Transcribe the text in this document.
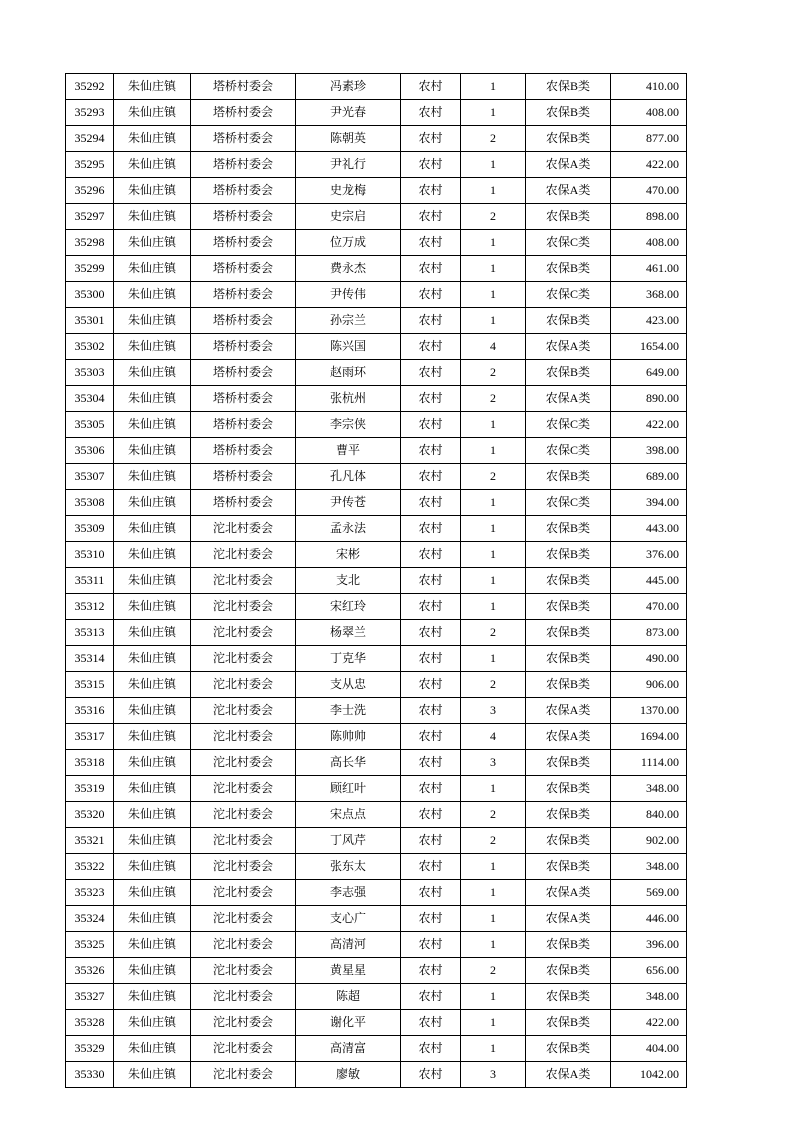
35292	朱仙庄镇	塔桥村委会	冯素珍	农村	1	农保B类	410.00
35293	朱仙庄镇	塔桥村委会	尹光春	农村	1	农保B类	408.00
35294	朱仙庄镇	塔桥村委会	陈朝英	农村	2	农保B类	877.00
35295	朱仙庄镇	塔桥村委会	尹礼行	农村	1	农保A类	422.00
35296	朱仙庄镇	塔桥村委会	史龙梅	农村	1	农保A类	470.00
35297	朱仙庄镇	塔桥村委会	史宗启	农村	2	农保B类	898.00
35298	朱仙庄镇	塔桥村委会	位万成	农村	1	农保C类	408.00
35299	朱仙庄镇	塔桥村委会	费永杰	农村	1	农保B类	461.00
35300	朱仙庄镇	塔桥村委会	尹传伟	农村	1	农保C类	368.00
35301	朱仙庄镇	塔桥村委会	孙宗兰	农村	1	农保B类	423.00
35302	朱仙庄镇	塔桥村委会	陈兴国	农村	4	农保A类	1654.00
35303	朱仙庄镇	塔桥村委会	赵雨环	农村	2	农保B类	649.00
35304	朱仙庄镇	塔桥村委会	张杭州	农村	2	农保A类	890.00
35305	朱仙庄镇	塔桥村委会	李宗侠	农村	1	农保C类	422.00
35306	朱仙庄镇	塔桥村委会	曹平	农村	1	农保C类	398.00
35307	朱仙庄镇	塔桥村委会	孔凡体	农村	2	农保B类	689.00
35308	朱仙庄镇	塔桥村委会	尹传苍	农村	1	农保C类	394.00
35309	朱仙庄镇	沱北村委会	孟永法	农村	1	农保B类	443.00
35310	朱仙庄镇	沱北村委会	宋彬	农村	1	农保B类	376.00
35311	朱仙庄镇	沱北村委会	支北	农村	1	农保B类	445.00
35312	朱仙庄镇	沱北村委会	宋红玲	农村	1	农保B类	470.00
35313	朱仙庄镇	沱北村委会	杨翠兰	农村	2	农保B类	873.00
35314	朱仙庄镇	沱北村委会	丁克华	农村	1	农保B类	490.00
35315	朱仙庄镇	沱北村委会	支从忠	农村	2	农保B类	906.00
35316	朱仙庄镇	沱北村委会	李士洗	农村	3	农保A类	1370.00
35317	朱仙庄镇	沱北村委会	陈帅帅	农村	4	农保A类	1694.00
35318	朱仙庄镇	沱北村委会	高长华	农村	3	农保B类	1114.00
35319	朱仙庄镇	沱北村委会	顾红叶	农村	1	农保B类	348.00
35320	朱仙庄镇	沱北村委会	宋点点	农村	2	农保B类	840.00
35321	朱仙庄镇	沱北村委会	丁风芹	农村	2	农保B类	902.00
35322	朱仙庄镇	沱北村委会	张东太	农村	1	农保B类	348.00
35323	朱仙庄镇	沱北村委会	李志强	农村	1	农保A类	569.00
35324	朱仙庄镇	沱北村委会	支心广	农村	1	农保A类	446.00
35325	朱仙庄镇	沱北村委会	高清河	农村	1	农保B类	396.00
35326	朱仙庄镇	沱北村委会	黄星星	农村	2	农保B类	656.00
35327	朱仙庄镇	沱北村委会	陈超	农村	1	农保B类	348.00
35328	朱仙庄镇	沱北村委会	谢化平	农村	1	农保B类	422.00
35329	朱仙庄镇	沱北村委会	高清富	农村	1	农保B类	404.00
35330	朱仙庄镇	沱北村委会	廖敏	农村	3	农保A类	1042.00
